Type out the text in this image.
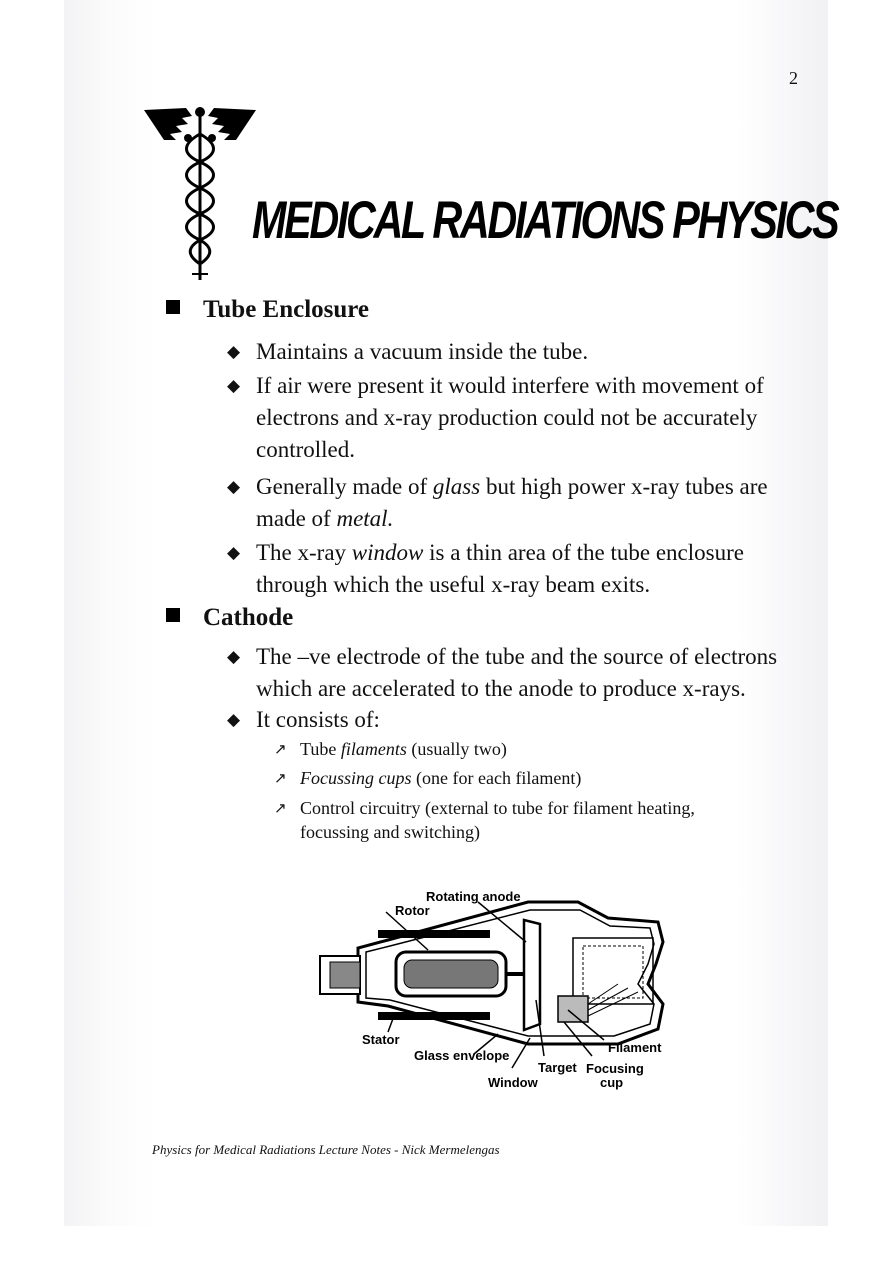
2
MEDICAL RADIATIONS PHYSICS
Tube Enclosure
◆ Maintains a vacuum inside the tube.
◆ If air were present it would interfere with movement of electrons and x-ray production could not be accurately controlled.
◆ Generally made of glass but high power x-ray tubes are made of metal.
◆ The x-ray window is a thin area of the tube enclosure through which the useful x-ray beam exits.
Cathode
◆ The –ve electrode of the tube and the source of electrons which are accelerated to the anode to produce x-rays.
◆ It consists of:
↗ Tube filaments (usually two)
↗ Focussing cups (one for each filament)
↗ Control circuitry (external to tube for filament heating, focussing and switching)
Rotating anode
Rotor
Stator
Glass envelope
Window
Target
Filament
Focusing
cup
Physics for Medical Radiations Lecture Notes - Nick Mermelengas
